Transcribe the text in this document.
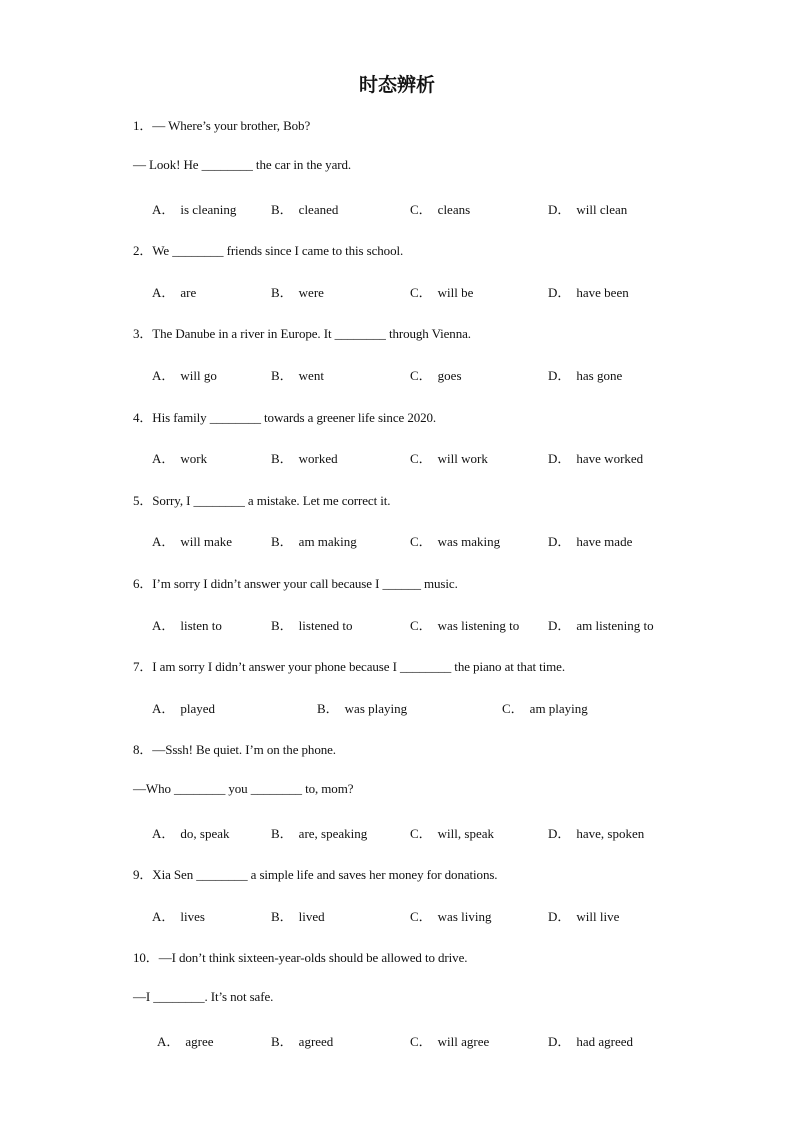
时态辨析
1．— Where’s your brother, Bob?
— Look! He ________ the car in the yard.
A． is cleaning	B． cleaned	C． cleans	D． will clean
2．We ________ friends since I came to this school.
A． are	B． were	C． will be	D． have been
3．The Danube in a river in Europe. It ________ through Vienna.
A． will go	B． went	C． goes	D． has gone
4．His family ________ towards a greener life since 2020.
A． work	B． worked	C． will work	D． have worked
5．Sorry, I ________ a mistake. Let me correct it.
A． will make	B． am making	C． was making	D． have made
6．I’m sorry I didn’t answer your call because I ______ music.
A． listen to	B． listened to	C． was listening to D． am listening to
7．I am sorry I didn’t answer your phone because I ________ the piano at that time.
A． played	B． was playing	C． am playing
8．—Sssh! Be quiet. I’m on the phone.
—Who ________ you ________ to, mom?
A． do, speak	B． are, speaking	C． will, speak	D． have, spoken
9．Xia Sen ________ a simple life and saves her money for donations.
A． lives	B． lived	C． was living	D． will live
10．—I don’t think sixteen-year-olds should be allowed to drive.
—I ________. It’s not safe.
A． agree	B． agreed	C． will agree	D． had agreed
